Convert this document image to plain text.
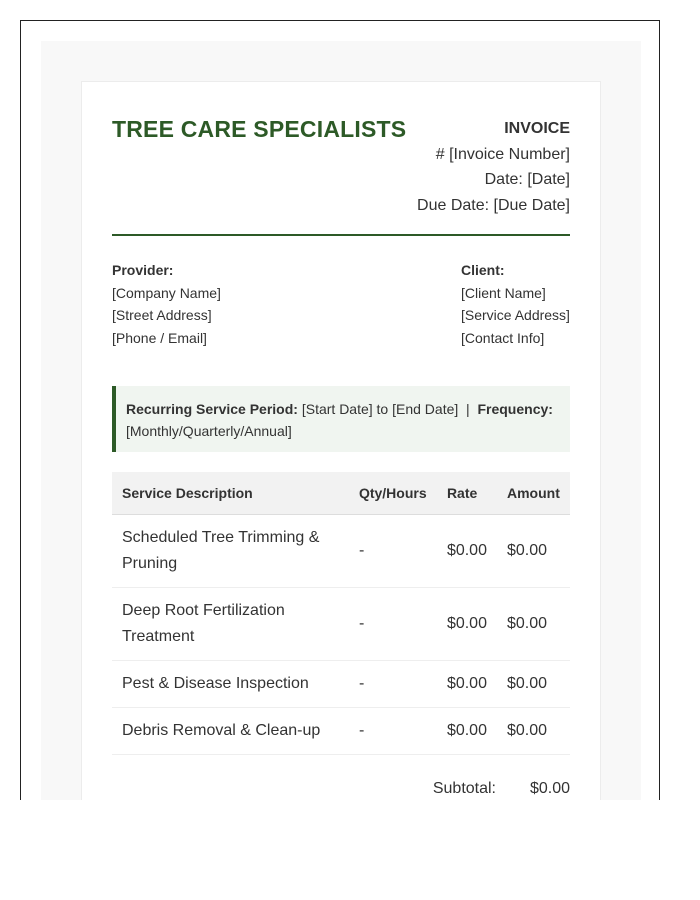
TREE CARE SPECIALISTS	INVOICE
# [Invoice Number]
Date: [Date]
Due Date: [Due Date]
Provider:
[Company Name]
[Street Address]
[Phone / Email]
Client:
[Client Name]
[Service Address]
[Contact Info]
Recurring Service Period: [Start Date] to [End Date] | Frequency: [Monthly/Quarterly/Annual]
Service Description	Qty/Hours	Rate	Amount
Scheduled Tree Trimming & Pruning	-	$0.00	$0.00
Deep Root Fertilization Treatment	-	$0.00	$0.00
Pest & Disease Inspection	-	$0.00	$0.00
Debris Removal & Clean-up	-	$0.00	$0.00
Subtotal: $0.00
